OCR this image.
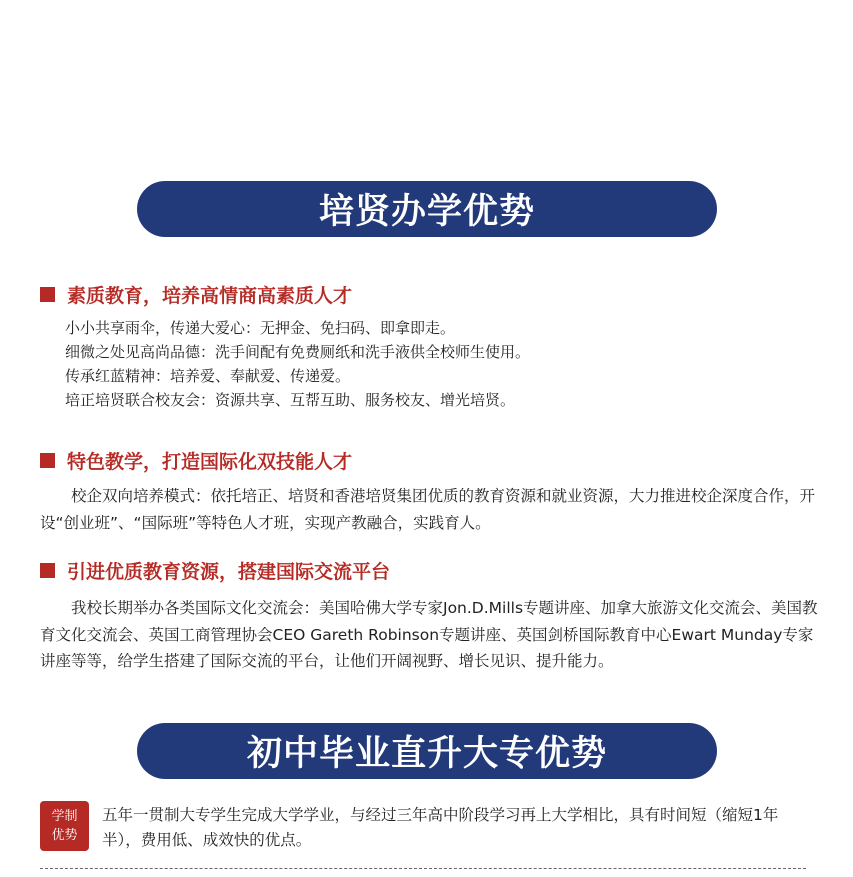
培贤办学优势
素质教育，培养高情商高素质人才
小小共享雨伞，传递大爱心：无押金、免扫码、即拿即走。
细微之处见高尚品德：洗手间配有免费厕纸和洗手液供全校师生使用。
传承红蓝精神：培养爱、奉献爱、传递爱。
培正培贤联合校友会：资源共享、互帮互助、服务校友、增光培贤。
特色教学，打造国际化双技能人才
校企双向培养模式：依托培正、培贤和香港培贤集团优质的教育资源和就业资源，大力推进校企深度合作，开设“创业班”、“国际班”等特色人才班，实现产教融合，实践育人。
引进优质教育资源，搭建国际交流平台
我校长期举办各类国际文化交流会：美国哈佛大学专家Jon.D.Mills专题讲座、加拿大旅游文化交流会、美国教育文化交流会、英国工商管理协会CEO Gareth Robinson专题讲座、英国剑桥国际教育中心Ewart Munday专家讲座等等，给学生搭建了国际交流的平台，让他们开阔视野、增长见识、提升能力。
初中毕业直升大专优势
学制优势
五年一贯制大专学生完成大学学业，与经过三年高中阶段学习再上大学相比，具有时间短（缩短1年半），费用低、成效快的优点。
